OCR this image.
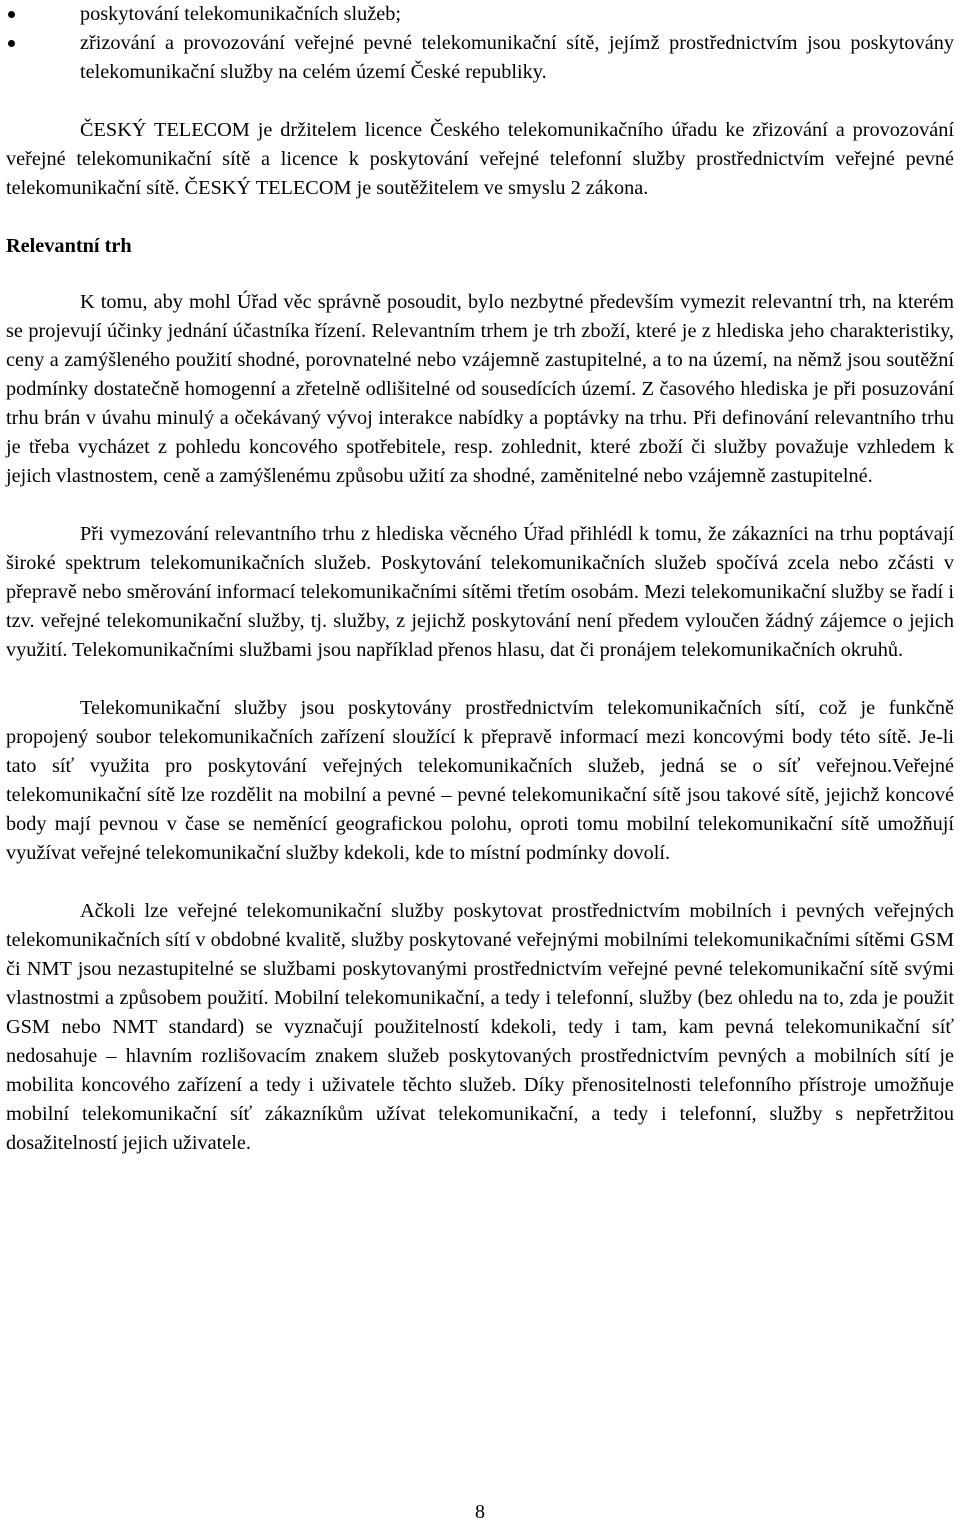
poskytování telekomunikačních služeb;
zřizování a provozování veřejné pevné telekomunikační sítě, jejímž prostřednictvím jsou poskytovány telekomunikační služby na celém území České republiky.

ČESKÝ TELECOM je držitelem licence Českého telekomunikačního úřadu ke zřizování a provozování veřejné telekomunikační sítě a licence k poskytování veřejné telefonní služby prostřednictvím veřejné pevné telekomunikační sítě. ČESKÝ TELECOM je soutěžitelem ve smyslu 2 zákona.

Relevantní trh

K tomu, aby mohl Úřad věc správně posoudit, bylo nezbytné především vymezit relevantní trh, na kterém se projevují účinky jednání účastníka řízení. Relevantním trhem je trh zboží, které je z hlediska jeho charakteristiky, ceny a zamýšleného použití shodné, porovnatelné nebo vzájemně zastupitelné, a to na území, na němž jsou soutěžní podmínky dostatečně homogenní a zřetelně odlišitelné od sousedících území. Z časového hlediska je při posuzování trhu brán v úvahu minulý a očekávaný vývoj interakce nabídky a poptávky na trhu. Při definování relevantního trhu je třeba vycházet z pohledu koncového spotřebitele, resp. zohlednit, které zboží či služby považuje vzhledem k jejich vlastnostem, ceně a zamýšlenému způsobu užití za shodné, zaměnitelné nebo vzájemně zastupitelné.

Při vymezování relevantního trhu z hlediska věcného Úřad přihlédl k tomu, že zákazníci na trhu poptávají široké spektrum telekomunikačních služeb. Poskytování telekomunikačních služeb spočívá zcela nebo zčásti v přepravě nebo směrování informací telekomunikačními sítěmi třetím osobám. Mezi telekomunikační služby se řadí i tzv. veřejné telekomunikační služby, tj. služby, z jejichž poskytování není předem vyloučen žádný zájemce o jejich využití. Telekomunikačními službami jsou například přenos hlasu, dat či pronájem telekomunikačních okruhů.

Telekomunikační služby jsou poskytovány prostřednictvím telekomunikačních sítí, což je funkčně propojený soubor telekomunikačních zařízení sloužící k přepravě informací mezi koncovými body této sítě. Je-li tato síť využita pro poskytování veřejných telekomunikačních služeb, jedná se o síť veřejnou.Veřejné telekomunikační sítě lze rozdělit na mobilní a pevné – pevné telekomunikační sítě jsou takové sítě, jejichž koncové body mají pevnou v čase se neměnící geografickou polohu, oproti tomu mobilní telekomunikační sítě umožňují využívat veřejné telekomunikační služby kdekoli, kde to místní podmínky dovolí.

Ačkoli lze veřejné telekomunikační služby poskytovat prostřednictvím mobilních i pevných veřejných telekomunikačních sítí v obdobné kvalitě, služby poskytované veřejnými mobilními telekomunikačními sítěmi GSM či NMT jsou nezastupitelné se službami poskytovanými prostřednictvím veřejné pevné telekomunikační sítě svými vlastnostmi a způsobem použití. Mobilní telekomunikační, a tedy i telefonní, služby (bez ohledu na to, zda je použit GSM nebo NMT standard) se vyznačují použitelností kdekoli, tedy i tam, kam pevná telekomunikační síť nedosahuje – hlavním rozlišovacím znakem služeb poskytovaných prostřednictvím pevných a mobilních sítí je mobilita koncového zařízení a tedy i uživatele těchto služeb. Díky přenositelnosti telefonního přístroje umožňuje mobilní telekomunikační síť zákazníkům užívat telekomunikační, a tedy i telefonní, služby s nepřetržitou dosažitelností jejich uživatele.

8
